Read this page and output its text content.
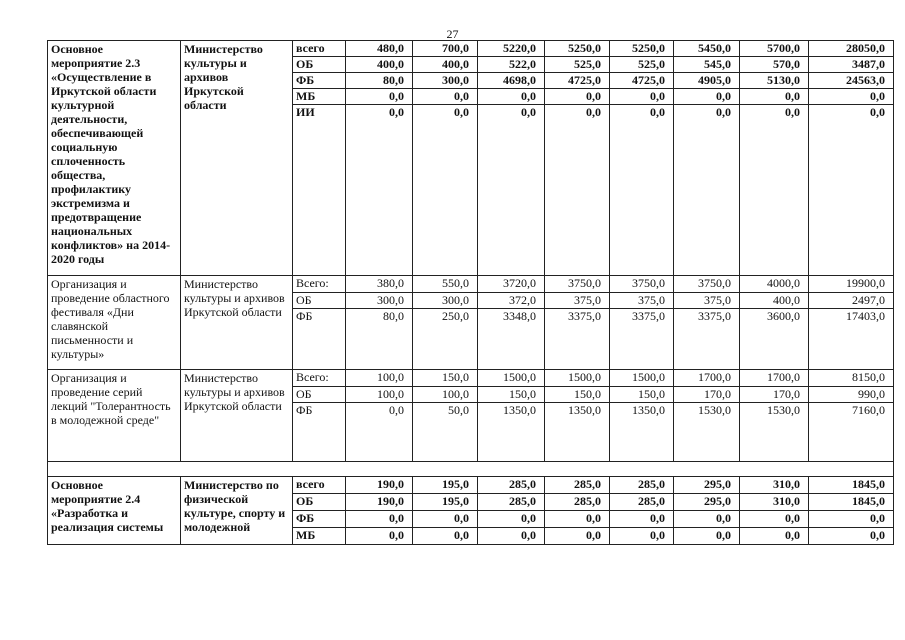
27
Основное мероприятие 2.3 «Осуществление в Иркутской области культурной деятельности, обеспечивающей социальную сплоченность общества, профилактику экстремизма и предотвращение национальных конфликтов» на 2014-2020 годы	Министерство культуры и архивов Иркутской области	всего	480,0	700,0	5220,0	5250,0	5250,0	5450,0	5700,0	28050,0
		ОБ	400,0	400,0	522,0	525,0	525,0	545,0	570,0	3487,0
		ФБ	80,0	300,0	4698,0	4725,0	4725,0	4905,0	5130,0	24563,0
		МБ	0,0	0,0	0,0	0,0	0,0	0,0	0,0	0,0
		ИИ	0,0	0,0	0,0	0,0	0,0	0,0	0,0	0,0
Организация и проведение областного фестиваля «Дни славянской письменности и культуры»	Министерство культуры и архивов Иркутской области	Всего:	380,0	550,0	3720,0	3750,0	3750,0	3750,0	4000,0	19900,0
		ОБ	300,0	300,0	372,0	375,0	375,0	375,0	400,0	2497,0
		ФБ	80,0	250,0	3348,0	3375,0	3375,0	3375,0	3600,0	17403,0
Организация и проведение серий лекций "Толерантность в молодежной среде"	Министерство культуры и архивов Иркутской области	Всего:	100,0	150,0	1500,0	1500,0	1500,0	1700,0	1700,0	8150,0
		ОБ	100,0	100,0	150,0	150,0	150,0	170,0	170,0	990,0
		ФБ	0,0	50,0	1350,0	1350,0	1350,0	1530,0	1530,0	7160,0

Основное мероприятие 2.4 «Разработка и реализация системы	Министерство по физической культуре, спорту и молодежной	всего	190,0	195,0	285,0	285,0	285,0	295,0	310,0	1845,0
		ОБ	190,0	195,0	285,0	285,0	285,0	295,0	310,0	1845,0
		ФБ	0,0	0,0	0,0	0,0	0,0	0,0	0,0	0,0
		МБ	0,0	0,0	0,0	0,0	0,0	0,0	0,0	0,0
